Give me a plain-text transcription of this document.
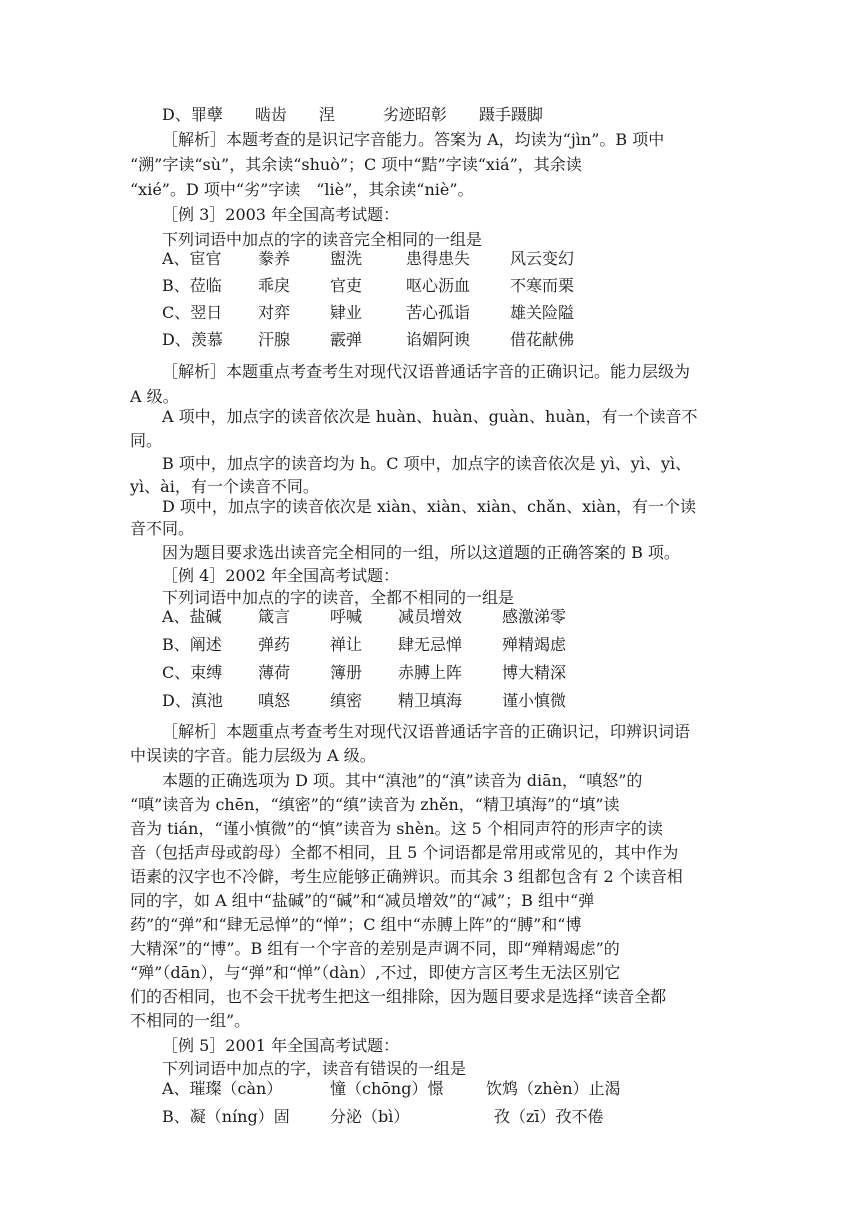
D、罪孽　　啮齿　　涅　　　劣迹昭彰　　蹑手蹑脚
［解析］本题考查的是识记字音能力。答案为 A，均读为“jìn”。B 项中
“溯”字读“sù”，其余读“shuò”；C 项中“黠”字读“xiá”，其余读
“xié”。D 项中“劣”字读　“liè”，其余读“niè”。
［例 3］2003 年全国高考试题：
下列词语中加点的字的读音完全相同的一组是
A、宦官 豢养 盥洗	患得患失 风云变幻
B、莅临 乖戾 官吏	呕心沥血 不寒而栗
C、翌日 对弈 肄业	苦心孤诣 雄关险隘
D、羡慕 汗腺 霰弹	谄媚阿谀 借花献佛
［解析］本题重点考查考生对现代汉语普通话字音的正确识记。能力层级为
A 级。
A 项中，加点字的读音依次是 huàn、huàn、guàn、huàn，有一个读音不
同。
B 项中，加点字的读音均为 h。C 项中，加点字的读音依次是 yì、yì、yì、
yì、ài，有一个读音不同。
D 项中，加点字的读音依次是 xiàn、xiàn、xiàn、chǎn、xiàn，有一个读
音不同。
因为题目要求选出读音完全相同的一组，所以这道题的正确答案的 B 项。
［例 4］2002 年全国高考试题：
下列词语中加点的字的读音，全都不相同的一组是
A、盐碱 箴言 呼喊 减员增效 感激涕零
B、阐述 弹药 禅让 肆无忌惮 殚精竭虑
C、束缚 薄荷 簿册 赤膊上阵 博大精深
D、滇池 嗔怒 缜密 精卫填海 谨小慎微
［解析］本题重点考查考生对现代汉语普通话字音的正确识记，印辨识词语
中误读的字音。能力层级为 A 级。
本题的正确选项为 D 项。其中“滇池”的“滇”读音为 diān，“嗔怒”的
“嗔”读音为 chēn，“缜密”的“缜”读音为 zhěn，“精卫填海”的“填”读
音为 tián，“谨小慎微”的“慎”读音为 shèn。这 5 个相同声符的形声字的读
音（包括声母或韵母）全都不相同，且 5 个词语都是常用或常见的，其中作为
语素的汉字也不冷僻，考生应能够正确辨识。而其余 3 组都包含有 2 个读音相
同的字，如 A 组中“盐碱”的“碱”和“减员增效”的“减”；B 组中“弹
药”的“弹”和“肆无忌惮”的“惮”；C 组中“赤膊上阵”的“膊”和“博
大精深”的“博”。B 组有一个字音的差别是声调不同，即“殚精竭虑”的
“殚”（dān），与“弹”和“惮”（dàn）,不过，即使方言区考生无法区别它
们的否相同，也不会干扰考生把这一组排除，因为题目要求是选择“读音全都
不相同的一组”。
［例 5］2001 年全国高考试题：
下列词语中加点的字，读音有错误的一组是
A、璀璨（càn）	憧（chōng）憬	饮鸩（zhèn）止渴
B、凝（níng）固	分泌（bì）	孜（zī）孜不倦
